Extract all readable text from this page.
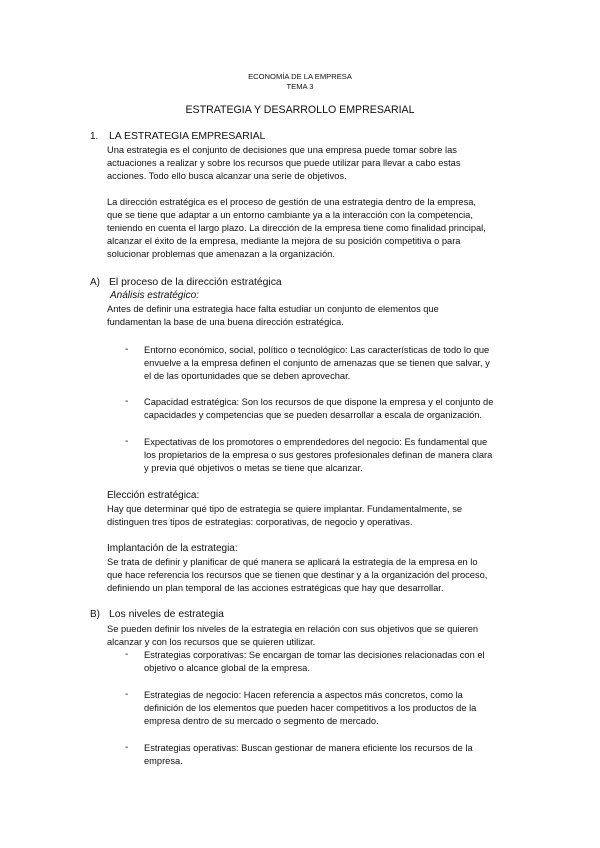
ECONOMÍA DE LA EMPRESA
TEMA 3
ESTRATEGIA Y DESARROLLO EMPRESARIAL
1. LA ESTRATEGIA EMPRESARIAL
Una estrategia es el conjunto de decisiones que una empresa puede tomar sobre las
actuaciones a realizar y sobre los recursos que puede utilizar para llevar a cabo estas
acciones. Todo ello busca alcanzar una serie de objetivos.
La dirección estratégica es el proceso de gestión de una estrategia dentro de la empresa,
que se tiene que adaptar a un entorno cambiante ya a la interacción con la competencia,
teniendo en cuenta el largo plazo. La dirección de la empresa tiene como finalidad principal,
alcanzar el éxito de la empresa, mediante la mejora de su posición competitiva o para
solucionar problemas que amenazan a la organización.
A) El proceso de la dirección estratégica
Análisis estratégico:
Antes de definir una estrategia hace falta estudiar un conjunto de elementos que
fundamentan la base de una buena dirección estratégica.
- Entorno económico, social, político o tecnológico: Las características de todo lo que
envuelve a la empresa definen el conjunto de amenazas que se tienen que salvar, y
el de las oportunidades que se deben aprovechar.
- Capacidad estratégica: Son los recursos de que dispone la empresa y el conjunto de
capacidades y competencias que se pueden desarrollar a escala de organización.
- Expectativas de los promotores o emprendedores del negocio: Es fundamental que
los propietarios de la empresa o sus gestores profesionales definan de manera clara
y previa qué objetivos o metas se tiene que alcanzar.
Elección estratégica:
Hay que determinar qué tipo de estrategia se quiere implantar. Fundamentalmente, se
distinguen tres tipos de estrategias: corporativas, de negocio y operativas.
Implantación de la estrategia:
Se trata de definir y planificar de qué manera se aplicará la estrategia de la empresa en lo
que hace referencia los recursos que se tienen que destinar y a la organización del proceso,
definiendo un plan temporal de las acciones estratégicas que hay que desarrollar.
B) Los niveles de estrategia
Se pueden definir los niveles de la estrategia en relación con sus objetivos que se quieren
alcanzar y con los recursos que se quieren utilizar.
- Estrategias corporativas: Se encargan de tomar las decisiones relacionadas con el
objetivo o alcance global de la empresa.
- Estrategias de negocio: Hacen referencia a aspectos más concretos, como la
definición de los elementos que pueden hacer competitivos a los productos de la
empresa dentro de su mercado o segmento de mercado.
- Estrategias operativas: Buscan gestionar de manera eficiente los recursos de la
empresa.
